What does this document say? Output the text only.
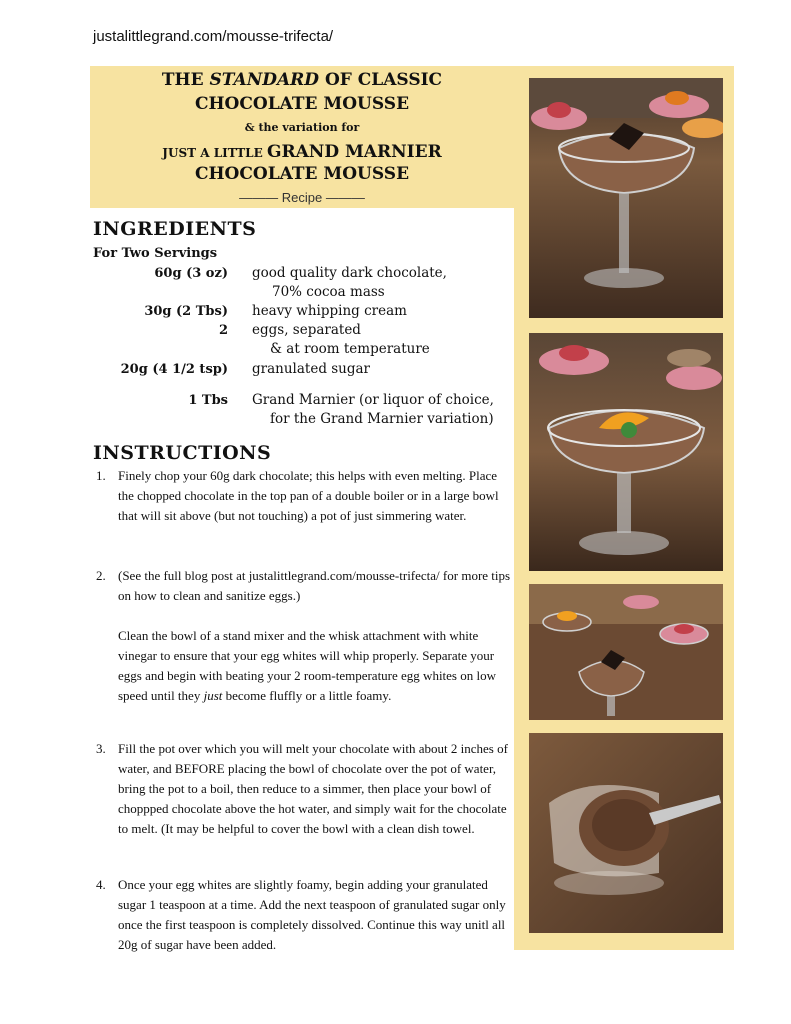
justalittlegrand.com/mousse-trifecta/
THE STANDARD OF CLASSIC
CHOCOLATE MOUSSE
& the variation for
JUST A LITTLE GRAND MARNIER
CHOCOLATE MOUSSE
——— Recipe ———
INGREDIENTS
For Two Servings
60g (3 oz) good quality dark chocolate,
70% cocoa mass
30g (2 Tbs) heavy whipping cream
2 eggs, separated
& at room temperature
20g (4 1/2 tsp) granulated sugar
1 Tbs Grand Marnier (or liquor of choice,
for the Grand Marnier variation)
INSTRUCTIONS
1. Finely chop your 60g dark chocolate; this helps with even melting. Place the chopped chocolate in the top pan of a double boiler or in a large bowl that will sit above (but not touching) a pot of just simmering water.

2. (See the full blog post at justalittlegrand.com/mousse-trifecta/ for more tips on how to clean and sanitize eggs.)

Clean the bowl of a stand mixer and the whisk attachment with white vinegar to ensure that your egg whites will whip properly. Separate your eggs and begin with beating your 2 room-temperature egg whites on low speed until they just become fluffly or a little foamy.

3. Fill the pot over which you will melt your chocolate with about 2 inches of water, and BEFORE placing the bowl of chocolate over the pot of water, bring the pot to a boil, then reduce to a simmer, then place your bowl of choppped chocolate above the hot water, and simply wait for the chocolate to melt. (It may be helpful to cover the bowl with a clean dish towel.

4. Once your egg whites are slightly foamy, begin adding your granulated sugar 1 teaspoon at a time. Add the next teaspoon of granulated sugar only once the first teaspoon is completely dissolved. Continue this way unitl all 20g of sugar have been added.
